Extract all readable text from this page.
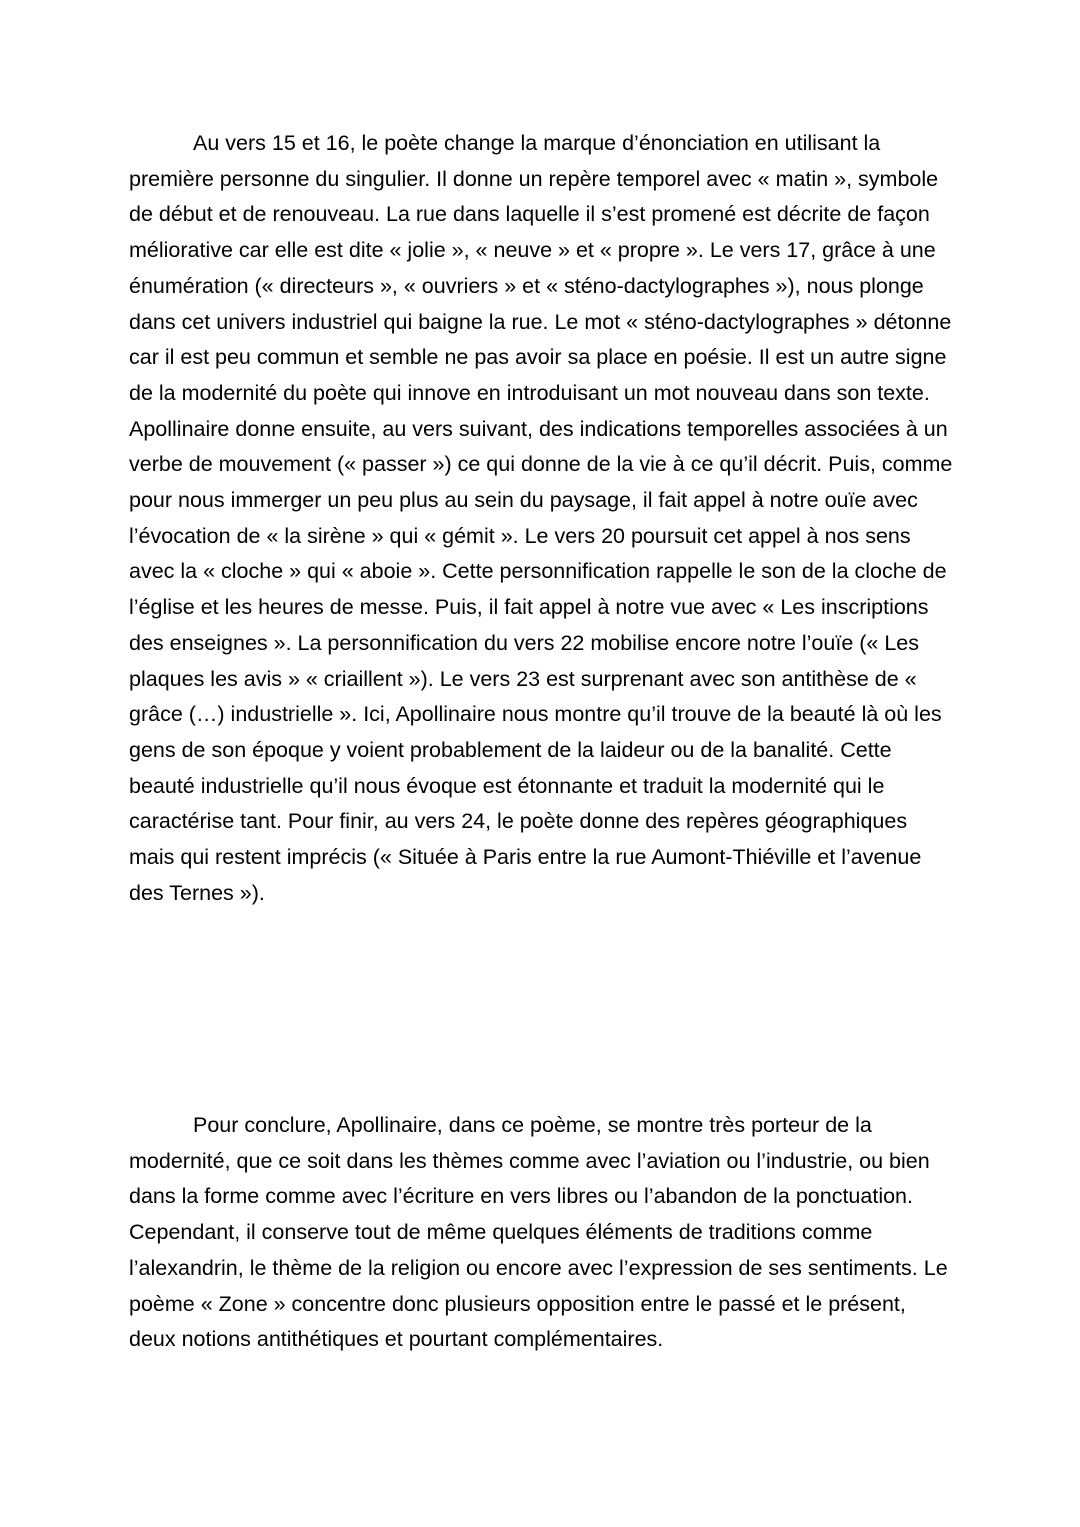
Au vers 15 et 16, le poète change la marque d’énonciation en utilisant la première personne du singulier. Il donne un repère temporel avec « matin », symbole de début et de renouveau. La rue dans laquelle il s’est promené est décrite de façon méliorative car elle est dite « jolie », « neuve » et « propre ». Le vers 17, grâce à une énumération (« directeurs », « ouvriers » et « sténo-dactylographes »), nous plonge dans cet univers industriel qui baigne la rue. Le mot « sténo-dactylographes » détonne car il est peu commun et semble ne pas avoir sa place en poésie. Il est un autre signe de la modernité du poète qui innove en introduisant un mot nouveau dans son texte. Apollinaire donne ensuite, au vers suivant, des indications temporelles associées à un verbe de mouvement (« passer ») ce qui donne de la vie à ce qu’il décrit. Puis, comme pour nous immerger un peu plus au sein du paysage, il fait appel à notre ouïe avec l’évocation de « la sirène » qui « gémit ». Le vers 20 poursuit cet appel à nos sens avec la « cloche » qui « aboie ». Cette personnification rappelle le son de la cloche de l’église et les heures de messe. Puis, il fait appel à notre vue avec « Les inscriptions des enseignes ». La personnification du vers 22 mobilise encore notre l’ouïe (« Les plaques les avis » « criaillent »). Le vers 23 est surprenant avec son antithèse de « grâce (…) industrielle ». Ici, Apollinaire nous montre qu’il trouve de la beauté là où les gens de son époque y voient probablement de la laideur ou de la banalité. Cette beauté industrielle qu’il nous évoque est étonnante et traduit la modernité qui le caractérise tant. Pour finir, au vers 24, le poète donne des repères géographiques mais qui restent imprécis (« Située à Paris entre la rue Aumont-Thiéville et l’avenue des Ternes »).

Pour conclure, Apollinaire, dans ce poème, se montre très porteur de la modernité, que ce soit dans les thèmes comme avec l’aviation ou l’industrie, ou bien dans la forme comme avec l’écriture en vers libres ou l’abandon de la ponctuation. Cependant, il conserve tout de même quelques éléments de traditions comme l’alexandrin, le thème de la religion ou encore avec l’expression de ses sentiments. Le poème « Zone » concentre donc plusieurs opposition entre le passé et le présent, deux notions antithétiques et pourtant complémentaires.
